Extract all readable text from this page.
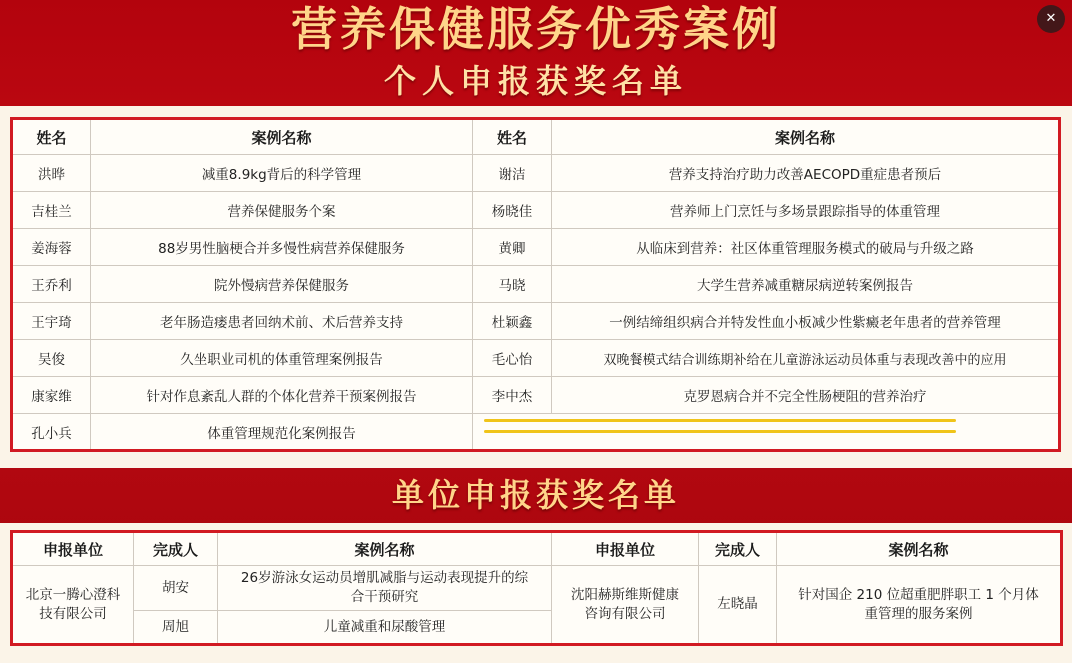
营养保健服务优秀案例
个人申报获奖名单
✕
姓名	案例名称	姓名	案例名称
洪晔	减重8.9kg背后的科学管理	谢洁	营养支持治疗助力改善AECOPD重症患者预后
吉桂兰	营养保健服务个案	杨晓佳	营养师上门烹饪与多场景跟踪指导的体重管理
姜海蓉	88岁男性脑梗合并多慢性病营养保健服务	黄卿	从临床到营养：社区体重管理服务模式的破局与升级之路
王乔利	院外慢病营养保健服务	马晓	大学生营养减重糖尿病逆转案例报告
王宇琦	老年肠造瘘患者回纳术前、术后营养支持	杜颖鑫	一例结缔组织病合并特发性血小板减少性紫癜老年患者的营养管理
吴俊	久坐职业司机的体重管理案例报告	毛心怡	双晚餐模式结合训练期补给在儿童游泳运动员体重与表现改善中的应用
康家维	针对作息紊乱人群的个体化营养干预案例报告	李中杰	克罗恩病合并不完全性肠梗阻的营养治疗
孔小兵	体重管理规范化案例报告		
单位申报获奖名单
申报单位	完成人	案例名称	申报单位	完成人	案例名称
北京一腾心澄科技有限公司	胡安	26岁游泳女运动员增肌减脂与运动表现提升的综合干预研究	沈阳赫斯维斯健康咨询有限公司	左晓晶	针对国企 210 位超重肥胖职工 1 个月体重管理的服务案例
	周旭	儿童减重和尿酸管理			
